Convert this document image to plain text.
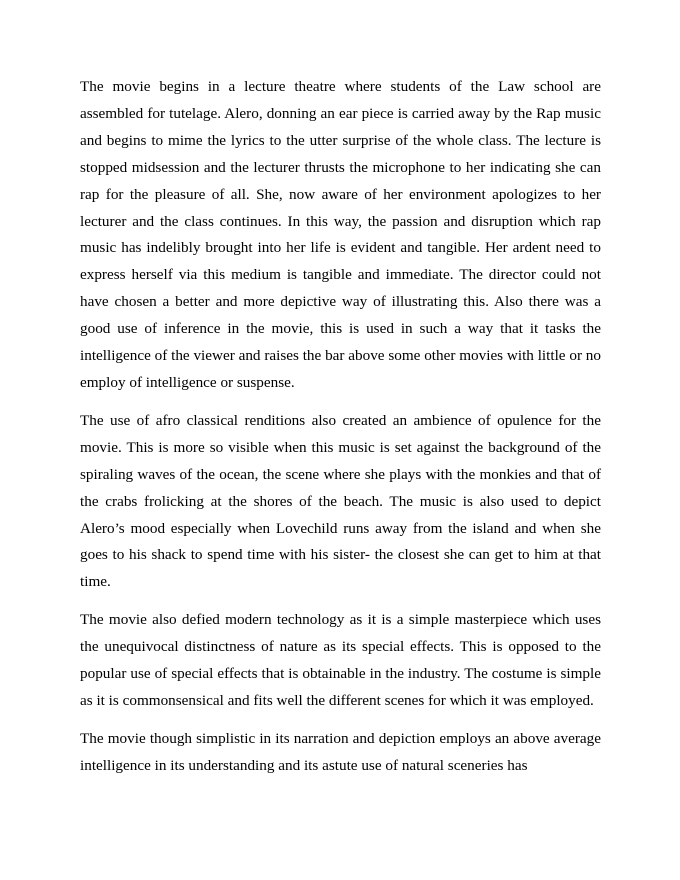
The movie begins in a lecture theatre where students of the Law school are assembled for tutelage. Alero, donning an ear piece is carried away by the Rap music and begins to mime the lyrics to the utter surprise of the whole class. The lecture is stopped midsession and the lecturer thrusts the microphone to her indicating she can rap for the pleasure of all. She, now aware of her environment apologizes to her lecturer and the class continues. In this way, the passion and disruption which rap music has indelibly brought into her life is evident and tangible. Her ardent need to express herself via this medium is tangible and immediate. The director could not have chosen a better and more depictive way of illustrating this. Also there was a good use of inference in the movie, this is used in such a way that it tasks the intelligence of the viewer and raises the bar above some other movies with little or no employ of intelligence or suspense.

The use of afro classical renditions also created an ambience of opulence for the movie. This is more so visible when this music is set against the background of the spiraling waves of the ocean, the scene where she plays with the monkies and that of the crabs frolicking at the shores of the beach. The music is also used to depict Alero’s mood especially when Lovechild runs away from the island and when she goes to his shack to spend time with his sister- the closest she can get to him at that time.

The movie also defied modern technology as it is a simple masterpiece which uses the unequivocal distinctness of nature as its special effects. This is opposed to the popular use of special effects that is obtainable in the industry. The costume is simple as it is commonsensical and fits well the different scenes for which it was employed.

The movie though simplistic in its narration and depiction employs an above average intelligence in its understanding and its astute use of natural sceneries has
